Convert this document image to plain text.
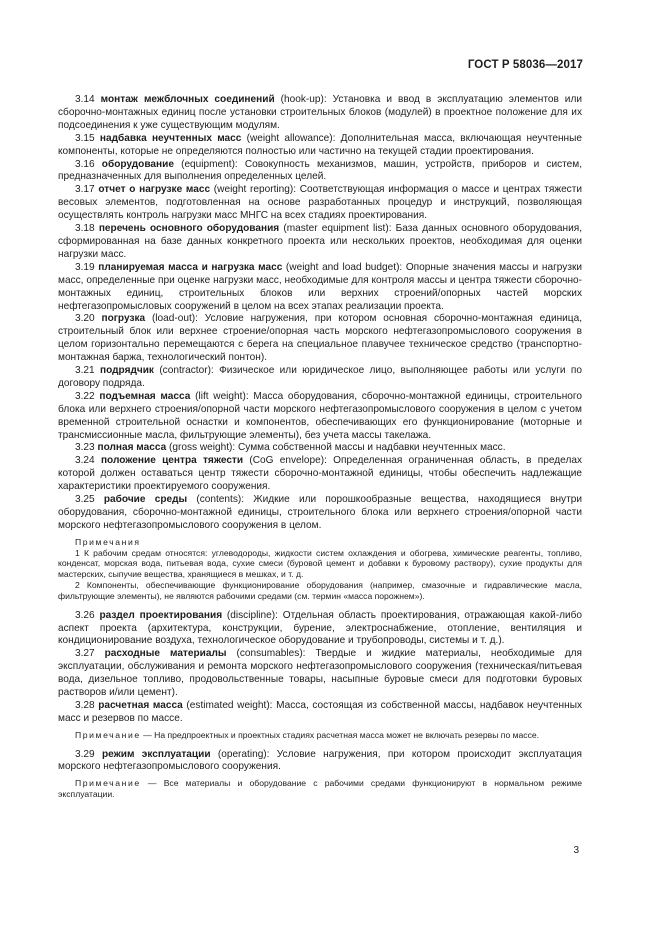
ГОСТ Р 58036—2017

3.14 монтаж межблочных соединений (hook-up): Установка и ввод в эксплуатацию элементов или сборочно-монтажных единиц после установки строительных блоков (модулей) в проектное положение для их подсоединения к уже существующим модулям.

3.15 надбавка неучтенных масс (weight allowance): Дополнительная масса, включающая неучтенные компоненты, которые не определяются полностью или частично на текущей стадии проектирования.

3.16 оборудование (equipment): Совокупность механизмов, машин, устройств, приборов и систем, предназначенных для выполнения определенных целей.

3.17 отчет о нагрузке масс (weight reporting): Соответствующая информация о массе и центрах тяжести весовых элементов, подготовленная на основе разработанных процедур и инструкций, позволяющая осуществлять контроль нагрузки масс МНГС на всех стадиях проектирования.

3.18 перечень основного оборудования (master equipment list): База данных основного оборудования, сформированная на базе данных конкретного проекта или нескольких проектов, необходимая для оценки нагрузки масс.

3.19 планируемая масса и нагрузка масс (weight and load budget): Опорные значения массы и нагрузки масс, определенные при оценке нагрузки масс, необходимые для контроля массы и центра тяжести сборочно-монтажных единиц, строительных блоков или верхних строений/опорных частей морских нефтегазопромысловых сооружений в целом на всех этапах реализации проекта.

3.20 погрузка (load-out): Условие нагружения, при котором основная сборочно-монтажная единица, строительный блок или верхнее строение/опорная часть морского нефтегазопромыслового сооружения в целом горизонтально перемещаются с берега на специальное плавучее техническое средство (транспортно-монтажная баржа, технологический понтон).

3.21 подрядчик (contractor): Физическое или юридическое лицо, выполняющее работы или услуги по договору подряда.

3.22 подъемная масса (lift weight): Масса оборудования, сборочно-монтажной единицы, строительного блока или верхнего строения/опорной части морского нефтегазопромыслового сооружения в целом с учетом временной строительной оснастки и компонентов, обеспечивающих его функционирование (моторные и трансмиссионные масла, фильтрующие элементы), без учета массы такелажа.

3.23 полная масса (gross weight): Сумма собственной массы и надбавки неучтенных масс.

3.24 положение центра тяжести (CoG envelope): Определенная ограниченная область, в пределах которой должен оставаться центр тяжести сборочно-монтажной единицы, чтобы обеспечить надлежащие характеристики проектируемого сооружения.

3.25 рабочие среды (contents): Жидкие или порошкообразные вещества, находящиеся внутри оборудования, сборочно-монтажной единицы, строительного блока или верхнего строения/опорной части морского нефтегазопромыслового сооружения в целом.

Примечания

1 К рабочим средам относятся: углеводороды, жидкости систем охлаждения и обогрева, химические реагенты, топливо, конденсат, морская вода, питьевая вода, сухие смеси (буровой цемент и добавки к буровому раствору), сухие продукты для мастерских, сыпучие вещества, хранящиеся в мешках, и т. д.

2 Компоненты, обеспечивающие функционирование оборудования (например, смазочные и гидравлические масла, фильтрующие элементы), не являются рабочими средами (см. термин «масса порожнем»).

3.26 раздел проектирования (discipline): Отдельная область проектирования, отражающая какой-либо аспект проекта (архитектура, конструкции, бурение, электроснабжение, отопление, вентиляция и кондиционирование воздуха, технологическое оборудование и трубопроводы, системы и т. д.).

3.27 расходные материалы (consumables): Твердые и жидкие материалы, необходимые для эксплуатации, обслуживания и ремонта морского нефтегазопромыслового сооружения (техническая/питьевая вода, дизельное топливо, продовольственные товары, насыпные буровые смеси для подготовки буровых растворов и/или цемент).

3.28 расчетная масса (estimated weight): Масса, состоящая из собственной массы, надбавок неучтенных масс и резервов по массе.

Примечание — На предпроектных и проектных стадиях расчетная масса может не включать резервы по массе.

3.29 режим эксплуатации (operating): Условие нагружения, при котором происходит эксплуатация морского нефтегазопромыслового сооружения.

Примечание — Все материалы и оборудование с рабочими средами функционируют в нормальном режиме эксплуатации.

3
